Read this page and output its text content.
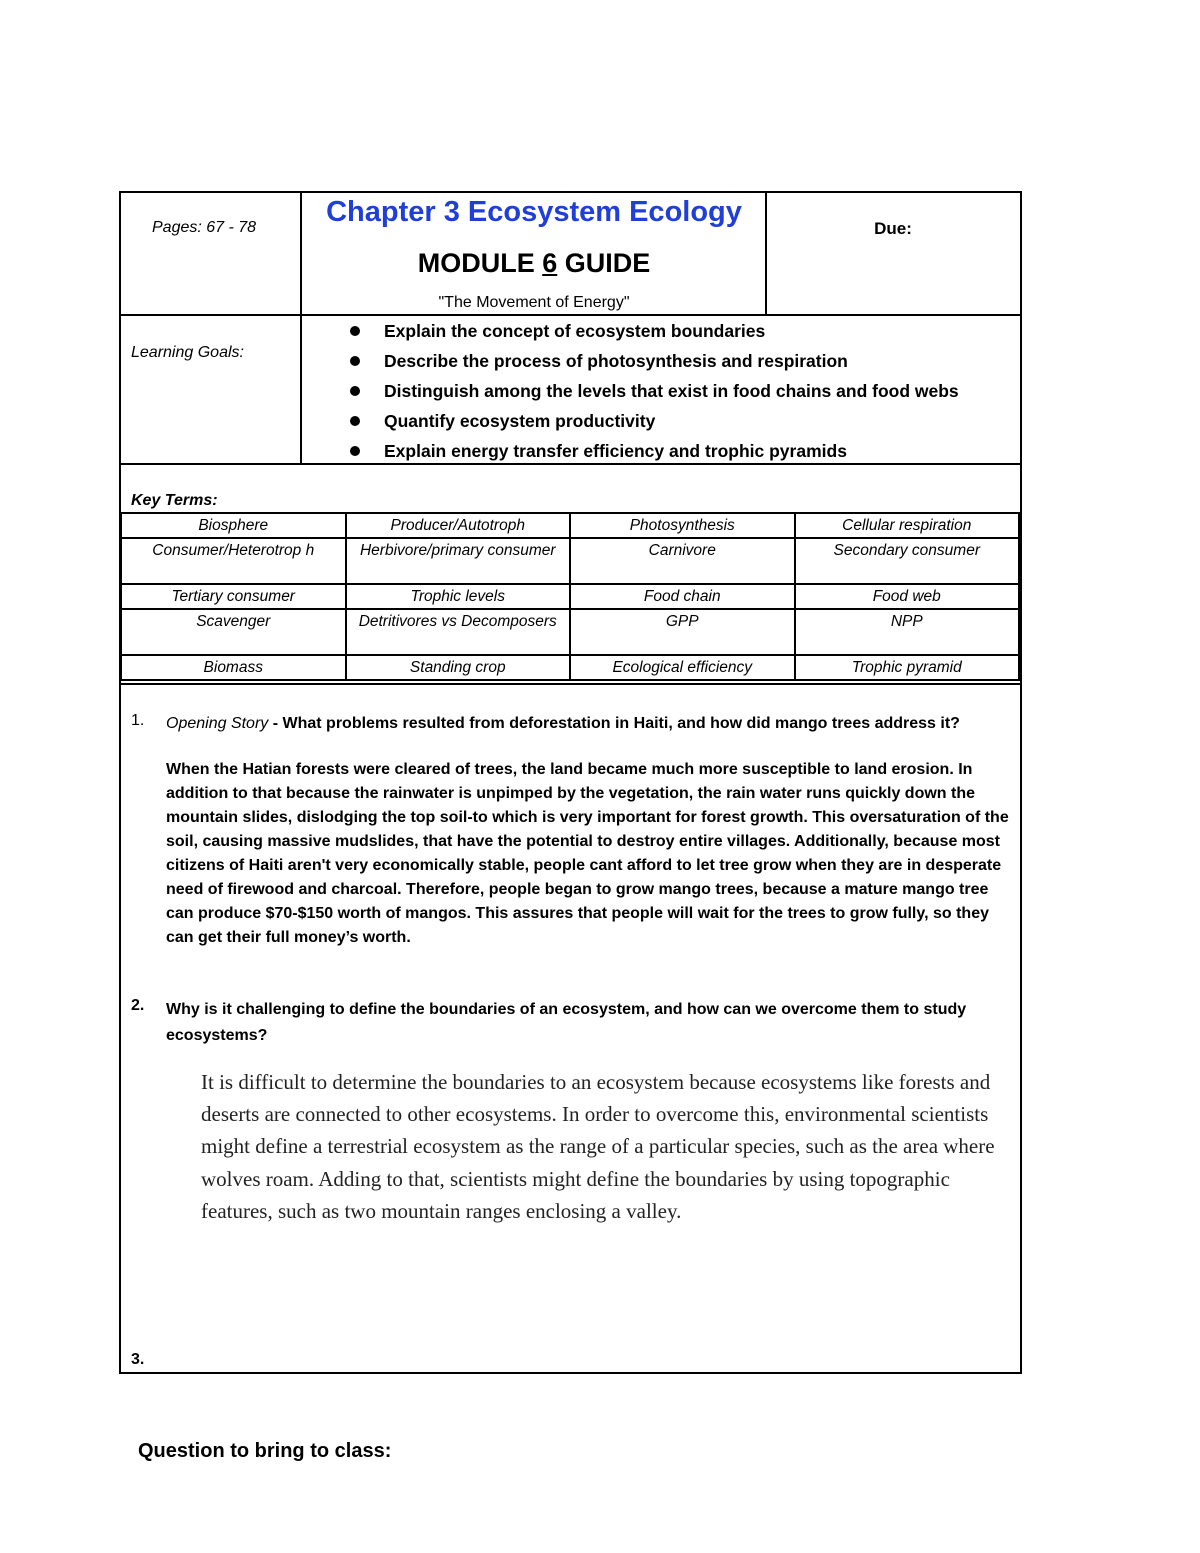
Pages: 67 - 78	Chapter 3 Ecosystem Ecology
MODULE 6 GUIDE
"The Movement of Energy"
Due:
Learning Goals:
Explain the concept of ecosystem boundaries
Describe the process of photosynthesis and respiration
Distinguish among the levels that exist in food chains and food webs
Quantify ecosystem productivity
Explain energy transfer efficiency and trophic pyramids
Key Terms:
Biosphere	Producer/Autotroph	Photosynthesis	Cellular respiration
Consumer/Heterotrop h	Herbivore/primary consumer	Carnivore	Secondary consumer
Tertiary consumer	Trophic levels	Food chain	Food web
Scavenger	Detritivores vs Decomposers	GPP	NPP
Biomass	Standing crop	Ecological efficiency	Trophic pyramid
1. Opening Story - What problems resulted from deforestation in Haiti, and how did mango trees address it?
When the Hatian forests were cleared of trees, the land became much more susceptible to land erosion. In addition to that because the rainwater is unpimped by the vegetation, the rain water runs quickly down the mountain slides, dislodging the top soil-to which is very important for forest growth. This oversaturation of the soil, causing massive mudslides, that have the potential to destroy entire villages. Additionally, because most citizens of Haiti aren't very economically stable, people cant afford to let tree grow when they are in desperate need of firewood and charcoal. Therefore, people began to grow mango trees, because a mature mango tree can produce $70-$150 worth of mangos. This assures that people will wait for the trees to grow fully, so they can get their full money’s worth.
2. Why is it challenging to define the boundaries of an ecosystem, and how can we overcome them to study ecosystems?
It is difficult to determine the boundaries to an ecosystem because ecosystems like forests and deserts are connected to other ecosystems. In order to overcome this, environmental scientists might define a terrestrial ecosystem as the range of a particular species, such as the area where wolves roam. Adding to that, scientists might define the boundaries by using topographic features, such as two mountain ranges enclosing a valley.
3.
Question to bring to class:
